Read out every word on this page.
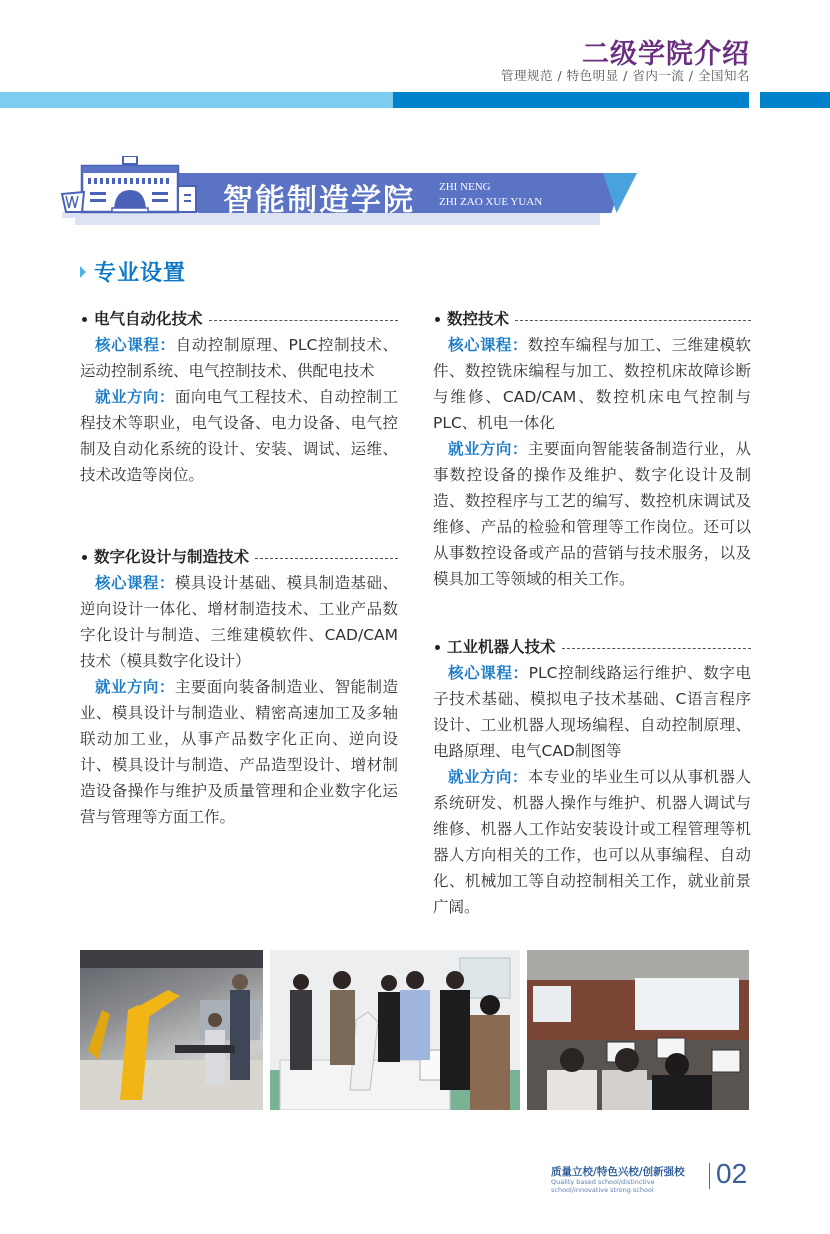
二级学院介绍
管理规范 / 特色明显 / 省内一流 / 全国知名
智能制造学院 ZHI NENG
ZHI ZAO XUE YUAN
专业设置
电气自动化技术

核心课程：自动控制原理、PLC控制技术、运动控制系统、电气控制技术、供配电技术

就业方向：面向电气工程技术、自动控制工程技术等职业，电气设备、电力设备、电气控制及自动化系统的设计、安装、调试、运维、技术改造等岗位。

数字化设计与制造技术

核心课程：模具设计基础、模具制造基础、逆向设计一体化、增材制造技术、工业产品数字化设计与制造、三维建模软件、CAD/CAM技术（模具数字化设计）

就业方向：主要面向装备制造业、智能制造业、模具设计与制造业、精密高速加工及多轴联动加工业，从事产品数字化正向、逆向设计、模具设计与制造、产品造型设计、增材制造设备操作与维护及质量管理和企业数字化运营与管理等方面工作。

数控技术

核心课程：数控车编程与加工、三维建模软件、数控铣床编程与加工、数控机床故障诊断与维修、CAD/CAM、数控机床电气控制与PLC、机电一体化

就业方向：主要面向智能装备制造行业，从事数控设备的操作及维护、数字化设计及制造、数控程序与工艺的编写、数控机床调试及维修、产品的检验和管理等工作岗位。还可以从事数控设备或产品的营销与技术服务，以及模具加工等领域的相关工作。

工业机器人技术

核心课程：PLC控制线路运行维护、数字电子技术基础、模拟电子技术基础、C语言程序设计、工业机器人现场编程、自动控制原理、电路原理、电气CAD制图等

就业方向：本专业的毕业生可以从事机器人系统研发、机器人操作与维护、机器人调试与维修、机器人工作站安装设计或工程管理等机器人方向相关的工作，也可以从事编程、自动化、机械加工等自动控制相关工作，就业前景广阔。

质量立校/特色兴校/创新强校
Quality based school/distinctive school/innovative strong school
02
